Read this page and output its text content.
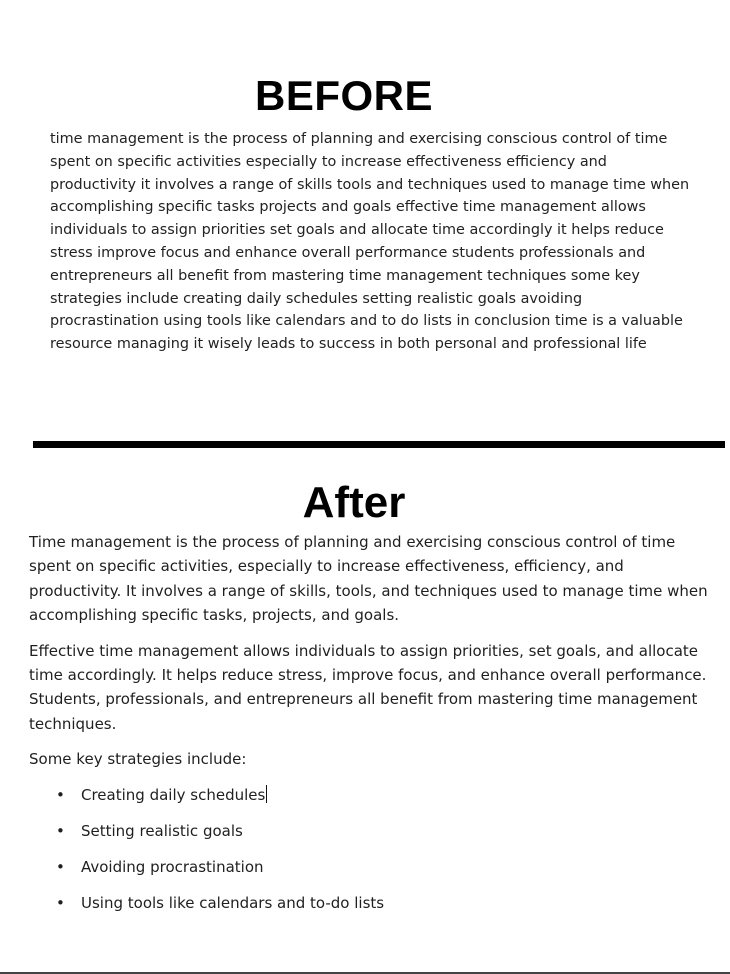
BEFORE

time management is the process of planning and exercising conscious control of time spent on specific activities especially to increase effectiveness efficiency and productivity it involves a range of skills tools and techniques used to manage time when accomplishing specific tasks projects and goals effective time management allows individuals to assign priorities set goals and allocate time accordingly it helps reduce stress improve focus and enhance overall performance students professionals and entrepreneurs all benefit from mastering time management techniques some key strategies include creating daily schedules setting realistic goals avoiding procrastination using tools like calendars and to do lists in conclusion time is a valuable resource managing it wisely leads to success in both personal and professional life

After

Time management is the process of planning and exercising conscious control of time spent on specific activities, especially to increase effectiveness, efficiency, and productivity. It involves a range of skills, tools, and techniques used to manage time when accomplishing specific tasks, projects, and goals.

Effective time management allows individuals to assign priorities, set goals, and allocate time accordingly. It helps reduce stress, improve focus, and enhance overall performance. Students, professionals, and entrepreneurs all benefit from mastering time management techniques.

Some key strategies include:

• Creating daily schedules
• Setting realistic goals
• Avoiding procrastination
• Using tools like calendars and to-do lists
